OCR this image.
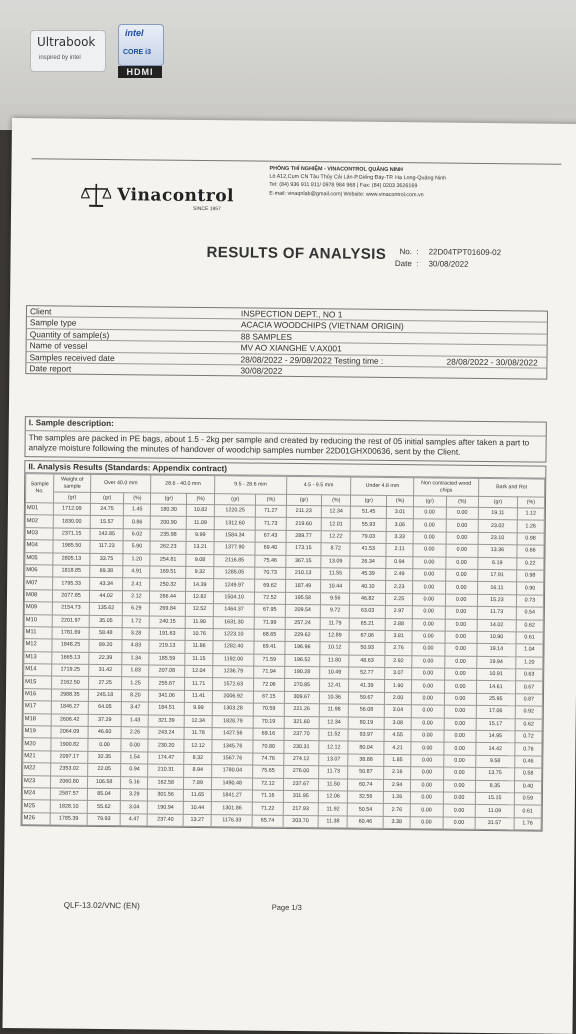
Ultrabook
inspired by intel
intel
CORE i3
HDMI
Vinacontrol
SINCE 1957
PHÒNG THÍ NGHIỆM - VINACONTROL QUẢNG NINH
Lô A12,Cụm CN Tàu Thủy Cái Lân-P.Giếng Đáy-TP. Hạ Long-Quảng Ninh
Tel: (84) 936 911 811/ 0978 984 968 | Fax: (84) 0203 3626169
E-mail: vinaqnlab@gmail.com| Website: www.vinacontrol.com.vn
RESULTS OF ANALYSIS	No. : 22D04TPT01609-02
Date : 30/08/2022
Client	INSPECTION DEPT., NO 1
Sample type	ACACIA WOODCHIPS (VIETNAM ORIGIN)
Quantity of sample(s)	88 SAMPLES
Name of vessel	MV AO XIANGHE V.AX001
Samples received date	28/08/2022 - 29/08/2022 Testing time :	28/08/2022 - 30/08/2022
Date report	30/08/2022
I. Sample description:
The samples are packed in PE bags, about 1.5 - 2kg per sample and created by reducing the rest of 05 initial samples after taken a part to analyze moisture following the minutes of handover of woodchip samples number 22D01GHX00636, sent by the Client.
II. Analysis Results (Standards: Appendix contract)
Sample No.	Weight of sample	Over 40.0 mm		28.6 - 40.0 mm		9.5 - 28.6 mm		4.5 - 9.5 mm		Under 4.8 mm		Non contracted wood chips		Bark and Rot	
	(gr)	(gr)	(%)	(gr)	(%)	(gr)	(%)	(gr)	(%)	(gr)	(%)	(gr)	(%)	(gr)	(%)
M01	1712.09	24.75	1.45	180.30	10.82	1220.25	71.27	211.23	12.34	51.45	3.01	0.00	0.00	19.11	1.12
M02	1830.00	15.57	0.86	200.90	11.09	1312.60	71.73	219.60	12.01	55.93	3.06	0.00	0.00	23.02	1.26
M03	2371.15	142.85	6.02	235.98	9.99	1584.34	67.43	289.77	12.22	79.03	3.33	0.00	0.00	23.10	0.98
M04	1985.50	117.23	5.90	262.23	13.21	1377.90	69.40	173.15	8.72	41.53	2.11	0.00	0.00	13.36	0.66
M05	2805.13	33.75	1.20	254.81	9.08	2116.85	75.46	367.15	13.09	26.34	0.94	0.00	0.00	6.19	0.22
M06	1818.85	89.38	4.91	169.51	9.32	1285.05	70.73	210.13	11.55	45.39	2.49	0.00	0.00	17.91	0.98
M07	1795.33	43.34	2.41	250.32	14.39	1249.97	69.62	187.49	10.44	40.10	2.23	0.00	0.00	16.11	0.90
M08	2077.85	44.02	2.12	266.44	12.82	1504.10	72.52	195.58	9.56	46.82	2.25	0.00	0.00	15.23	0.73
M09	2154.73	135.62	6.29	269.84	12.52	1464.37	67.95	209.54	9.72	63.03	2.97	0.00	0.00	11.73	0.54
M10	2201.97	35.05	1.72	240.15	11.90	1631.30	71.99	257.24	11.79	65.21	2.88	0.00	0.00	14.02	0.62
M11	1781.69	58.48	3.28	191.63	10.76	1223.10	68.65	229.62	12.89	67.06	3.81	0.00	0.00	10.90	0.61
M12	1848.25	89.20	4.83	219.13	11.86	1282.40	69.41	196.96	10.12	50.93	2.76	0.00	0.00	19.14	1.04
M13	1665.13	22.39	1.34	185.59	11.15	1192.00	71.59	196.52	11.80	48.63	2.92	0.00	0.00	19.94	1.20
M14	1719.25	31.42	1.83	207.08	12.04	1236.79	71.94	190.28	10.49	52.77	3.07	0.00	0.00	10.91	0.63
M15	2162.50	27.25	1.25	255.67	11.71	1572.63	72.06	270.85	12.41	41.39	1.90	0.00	0.00	14.61	0.67
M16	2988.35	245.18	8.20	341.06	11.41	2006.92	67.15	309.67	10.36	59.67	2.00	0.00	0.00	25.95	0.87
M17	1846.27	64.05	3.47	184.51	9.99	1303.28	70.59	221.26	11.98	56.08	3.04	0.00	0.00	17.06	0.92
M18	2606.42	37.29	1.43	321.39	12.34	1828.79	70.19	321.60	12.34	80.19	3.08	0.00	0.00	15.17	0.62
M19	2064.09	46.60	2.26	243.24	11.78	1427.56	69.16	237.70	11.52	93.97	4.55	0.00	0.00	14.95	0.72
M20	1900.82	0.00	0.00	230.20	12.12	1345.76	70.80	230.31	12.12	80.04	4.21	0.00	0.00	14.42	0.76
M21	2097.17	32.35	1.54	174.47	8.32	1567.76	74.76	274.12	13.07	38.88	1.85	0.00	0.00	9.58	0.46
M22	2353.02	22.05	0.94	210.31	8.94	1780.04	75.65	276.00	11.73	50.87	2.16	0.00	0.00	13.75	0.58
M23	2060.80	106.58	5.16	162.58	7.89	1490.48	72.12	237.67	11.50	60.74	2.94	0.00	0.00	8.35	0.40
M24	2587.57	85.04	3.29	301.56	11.65	1841.27	71.16	311.95	12.06	32.56	1.26	0.00	0.00	15.15	0.59
M25	1828.10	55.62	3.04	190.94	10.44	1301.86	71.22	217.93	11.92	50.54	2.76	0.00	0.00	11.09	0.61
M26	1785.39	79.93	4.47	237.40	13.27	1176.33	65.74	203.70	11.38	60.46	3.38	0.00	0.00	31.57	1.76
QLF-13.02/VNC (EN)	Page 1/3
